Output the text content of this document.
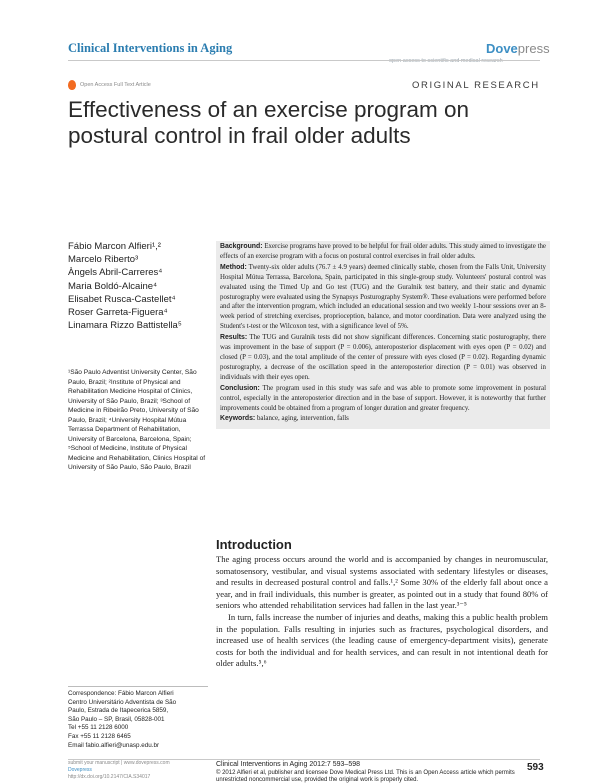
Clinical Interventions in Aging	Dovepress
open access to scientific and medical research
Open Access Full Text Article	ORIGINAL RESEARCH
Effectiveness of an exercise program on postural control in frail older adults
Fábio Marcon Alfieri¹,²
Marcelo Riberto³
Àngels Abril-Carreres⁴
Maria Boldó-Alcaine⁴
Elisabet Rusca-Castellet⁴
Roser Garreta-Figuera⁴
Linamara Rizzo Battistella⁵
¹São Paulo Adventist University Center, São Paulo, Brazil; ²Institute of Physical and Rehabilitation Medicine Hospital of Clinics, University of São Paulo, Brazil; ³School of Medicine in Ribeirão Preto, University of São Paulo, Brazil; ⁴University Hospital Mútua Terrassa Department of Rehabilitation, University of Barcelona, Barcelona, Spain; ⁵School of Medicine, Institute of Physical Medicine and Rehabilitation, Clinics Hospital of University of São Paulo, São Paulo, Brazil
Correspondence: Fábio Marcon Alfieri
Centro Universitário Adventista de São
Paulo, Estrada de Itapecerica 5859,
São Paulo – SP, Brasil, 05828-001
Tel +55 11 2128 6000
Fax +55 11 2128 6465
Email fabio.alfieri@unasp.edu.br

Background: Exercise programs have proved to be helpful for frail older adults. This study aimed to investigate the effects of an exercise program with a focus on postural control exercises in frail older adults.

Method: Twenty-six older adults (76.7 ± 4.9 years) deemed clinically stable, chosen from the Falls Unit, University Hospital Mútua Terrassa, Barcelona, Spain, participated in this single-group study. Volunteers' postural control was evaluated using the Timed Up and Go test (TUG) and the Guralnik test battery, and their static and dynamic posturography were evaluated using the Synapsys Posturography System®. These evaluations were performed before and after the intervention program, which included an educational session and two weekly 1-hour sessions over an 8-week period of stretching exercises, proprioception, balance, and motor coordination. Data were analyzed using the Student's t-test or the Wilcoxon test, with a significance level of 5%.

Results: The TUG and Guralnik tests did not show significant differences. Concerning static posturography, there was improvement in the base of support (P = 0.006), anteroposterior displacement with eyes open (P = 0.02) and closed (P = 0.03), and the total amplitude of the center of pressure with eyes closed (P = 0.02). Regarding dynamic posturography, a decrease of the oscillation speed in the anteroposterior direction (P = 0.01) was observed in individuals with their eyes open.

Conclusion: The program used in this study was safe and was able to promote some improvement in postural control, especially in the anteroposterior direction and in the base of support. However, it is noteworthy that further improvements could be obtained from a program of longer duration and greater frequency.

Keywords: balance, aging, intervention, falls

Introduction

The aging process occurs around the world and is accompanied by changes in neuromuscular, somatosensory, vestibular, and visual systems associated with sedentary lifestyles or diseases, and results in decreased postural control and falls.¹,² Some 30% of the elderly fall about once a year, and in frail individuals, this number is greater, as pointed out in a study that found 80% of seniors who attended rehabilitation services had fallen in the last year.³⁻⁵

In turn, falls increase the number of injuries and deaths, making this a public health problem in the population. Falls resulting in injuries such as fractures, psychological disorders, and increased use of health services (the leading cause of emergency-department visits), generate costs for both the individual and for health services, and can result in not intentional death for older adults.⁵,⁶

submit your manuscript | www.dovepress.com
Dovepress
http://dx.doi.org/10.2147/CIA.S34017
Clinical Interventions in Aging 2012:7 593–598
© 2012 Alfieri et al, publisher and licensee Dove Medical Press Ltd. This is an Open Access article which permits unrestricted noncommercial use, provided the original work is properly cited.
593
